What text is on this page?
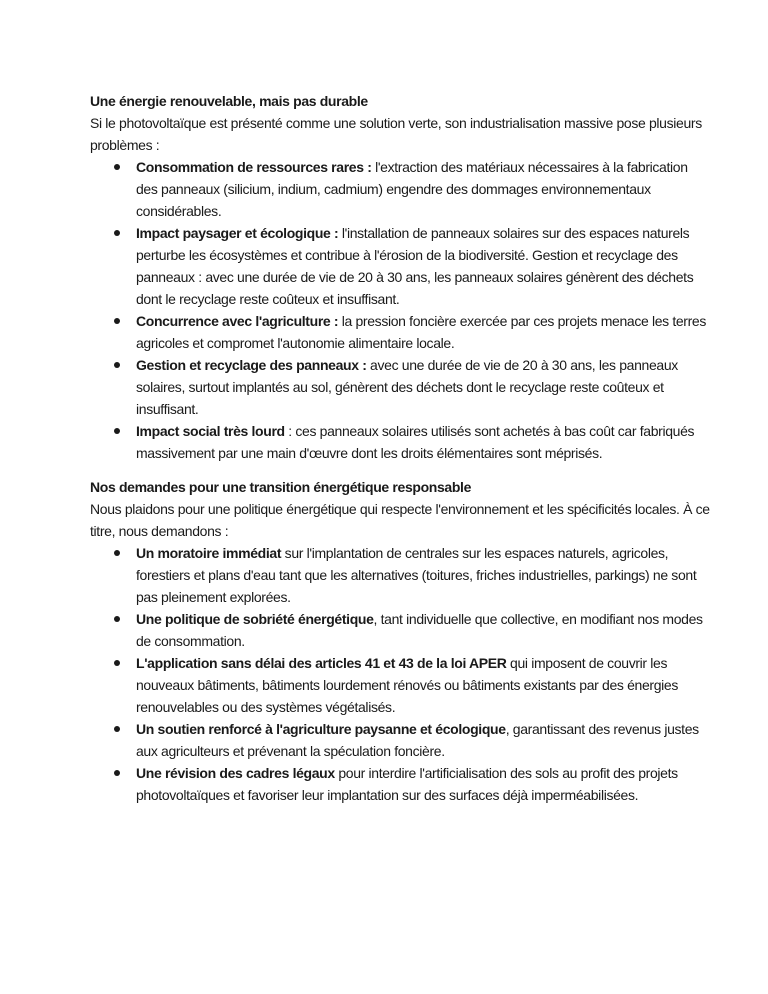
Une énergie renouvelable, mais pas durable

Si le photovoltaïque est présenté comme une solution verte, son industrialisation massive pose plusieurs problèmes :

Consommation de ressources rares : l'extraction des matériaux nécessaires à la fabrication des panneaux (silicium, indium, cadmium) engendre des dommages environnementaux considérables.
Impact paysager et écologique : l'installation de panneaux solaires sur des espaces naturels perturbe les écosystèmes et contribue à l'érosion de la biodiversité. Gestion et recyclage des panneaux : avec une durée de vie de 20 à 30 ans, les panneaux solaires génèrent des déchets dont le recyclage reste coûteux et insuffisant.
Concurrence avec l'agriculture : la pression foncière exercée par ces projets menace les terres agricoles et compromet l'autonomie alimentaire locale.
Gestion et recyclage des panneaux : avec une durée de vie de 20 à 30 ans, les panneaux solaires, surtout implantés au sol, génèrent des déchets dont le recyclage reste coûteux et insuffisant.
Impact social très lourd : ces panneaux solaires utilisés sont achetés à bas coût car fabriqués massivement par une main d'œuvre dont les droits élémentaires sont méprisés.

Nos demandes pour une transition énergétique responsable

Nous plaidons pour une politique énergétique qui respecte l'environnement et les spécificités locales. À ce titre, nous demandons :

Un moratoire immédiat sur l'implantation de centrales sur les espaces naturels, agricoles, forestiers et plans d'eau tant que les alternatives (toitures, friches industrielles, parkings) ne sont pas pleinement explorées.
Une politique de sobriété énergétique, tant individuelle que collective, en modifiant nos modes de consommation.
L'application sans délai des articles 41 et 43 de la loi APER qui imposent de couvrir les nouveaux bâtiments, bâtiments lourdement rénovés ou bâtiments existants par des énergies renouvelables ou des systèmes végétalisés.
Un soutien renforcé à l'agriculture paysanne et écologique, garantissant des revenus justes aux agriculteurs et prévenant la spéculation foncière.
Une révision des cadres légaux pour interdire l'artificialisation des sols au profit des projets photovoltaïques et favoriser leur implantation sur des surfaces déjà imperméabilisées.
